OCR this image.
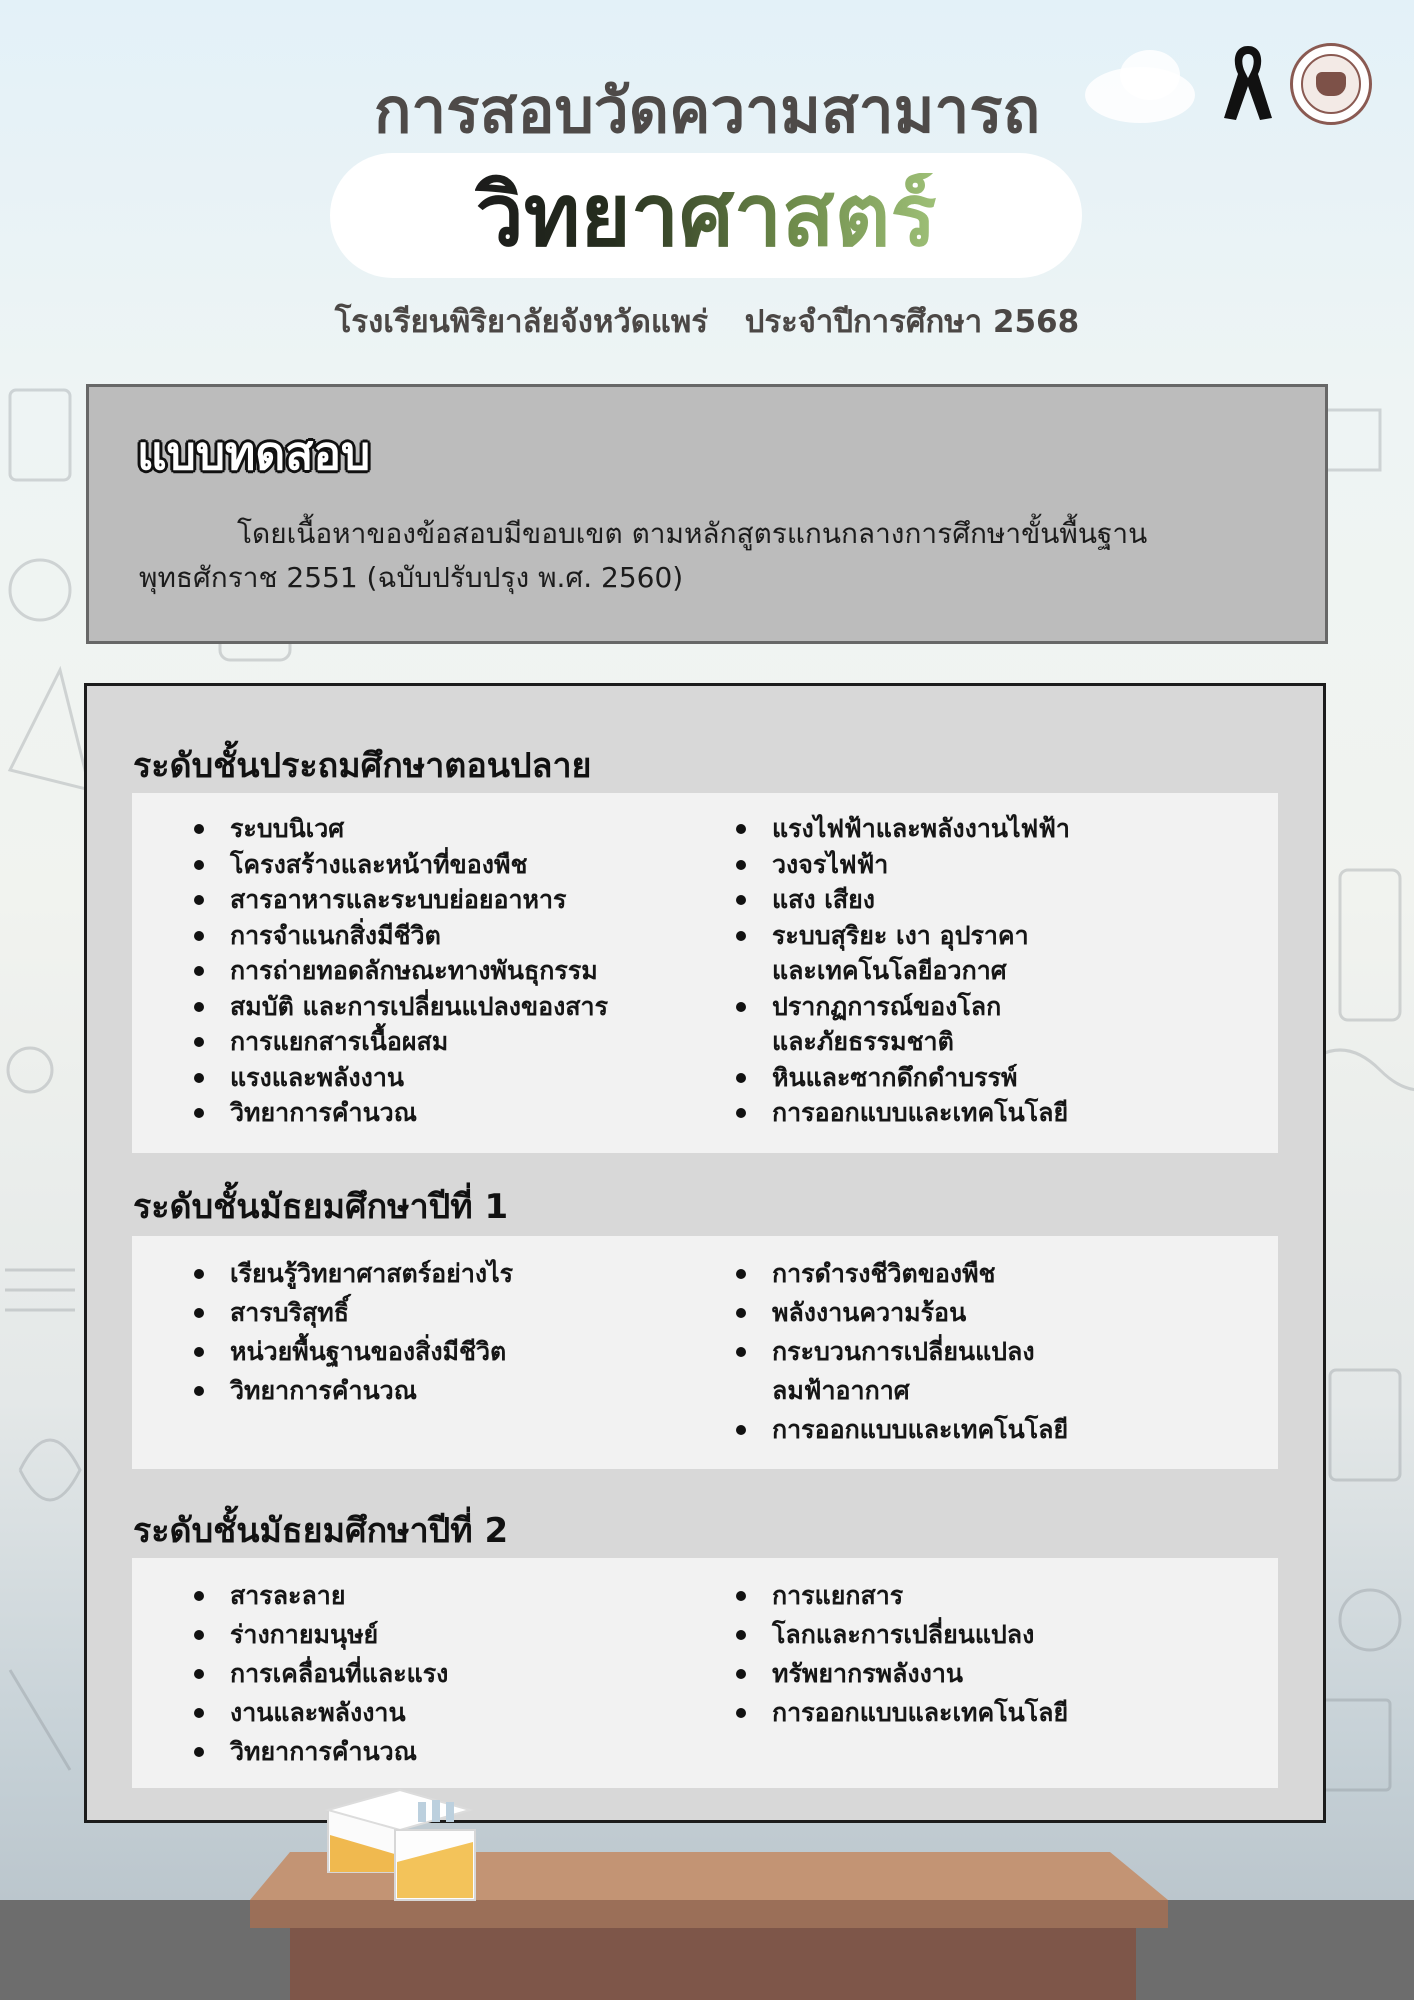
การสอบวัดความสามารถ
วิทยาศาสตร์
โรงเรียนพิริยาลัยจังหวัดแพร่ ประจำปีการศึกษา 2568
แบบทดสอบ
โดยเนื้อหาของข้อสอบมีขอบเขต ตามหลักสูตรแกนกลางการศึกษาขั้นพื้นฐาน
พุทธศักราช 2551 (ฉบับปรับปรุง พ.ศ. 2560)
ระดับชั้นประถมศึกษาตอนปลาย
ระบบนิเวศ
โครงสร้างและหน้าที่ของพืช
สารอาหารและระบบย่อยอาหาร
การจำแนกสิ่งมีชีวิต
การถ่ายทอดลักษณะทางพันธุกรรม
สมบัติ และการเปลี่ยนแปลงของสาร
การแยกสารเนื้อผสม
แรงและพลังงาน
วิทยาการคำนวณ
แรงไฟฟ้าและพลังงานไฟฟ้า
วงจรไฟฟ้า
แสง เสียง
ระบบสุริยะ เงา อุปราคา
และเทคโนโลยีอวกาศ
ปรากฏการณ์ของโลก
และภัยธรรมชาติ
หินและซากดึกดำบรรพ์
การออกแบบและเทคโนโลยี
ระดับชั้นมัธยมศึกษาปีที่ 1
เรียนรู้วิทยาศาสตร์อย่างไร
สารบริสุทธิ์
หน่วยพื้นฐานของสิ่งมีชีวิต
วิทยาการคำนวณ
การดำรงชีวิตของพืช
พลังงานความร้อน
กระบวนการเปลี่ยนแปลง
ลมฟ้าอากาศ
การออกแบบและเทคโนโลยี
ระดับชั้นมัธยมศึกษาปีที่ 2
สารละลาย
ร่างกายมนุษย์
การเคลื่อนที่และแรง
งานและพลังงาน
วิทยาการคำนวณ
การแยกสาร
โลกและการเปลี่ยนแปลง
ทรัพยากรพลังงาน
การออกแบบและเทคโนโลยี
